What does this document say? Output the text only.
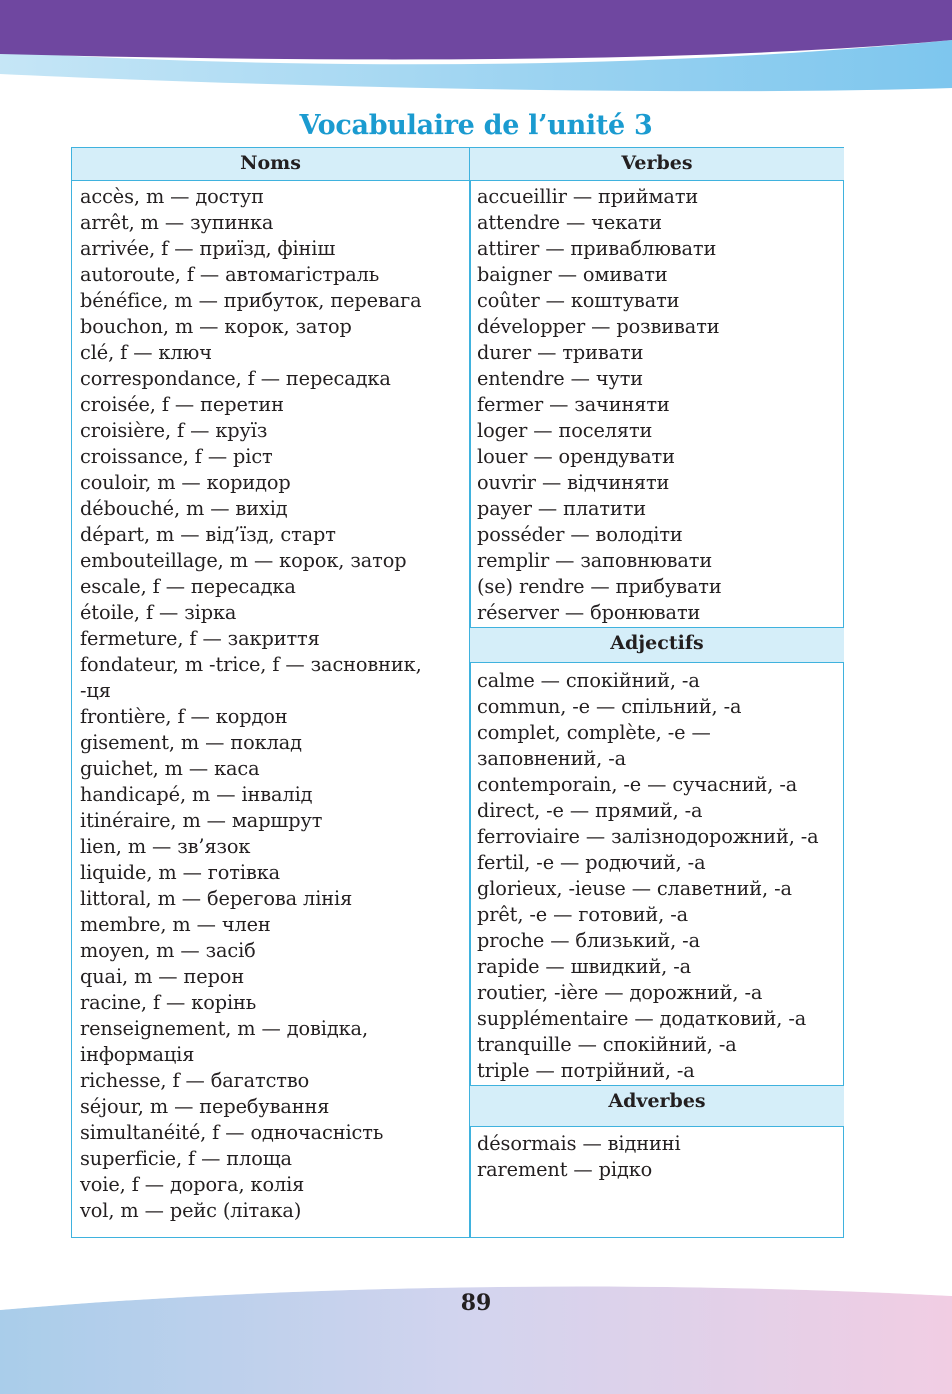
Vocabulaire de l’unité 3
Noms
accès, m — доступ
arrêt, m — зупинка
arrivée, f — приїзд, фініш
autoroute, f — автомагістраль
bénéfice, m — прибуток, перевага
bouchon, m — корок, затор
clé, f — ключ
correspondance, f — пересадка
croisée, f — перетин
croisière, f — круїз
croissance, f — ріст
couloir, m — коридор
débouché, m — вихід
départ, m — від’їзд, старт
embouteillage, m — корок, затор
escale, f — пересадка
étoile, f — зірка
fermeture, f — закриття
fondateur, m -trice, f — засновник,
-ця
frontière, f — кордон
gisement, m — поклад
guichet, m — каса
handicapé, m — інвалід
itinéraire, m — маршрут
lien, m — зв’язок
liquide, m — готівка
littoral, m — берегова лінія
membre, m — член
moyen, m — засіб
quai, m — перон
racine, f — корінь
renseignement, m — довідка,
інформація
richesse, f — багатство
séjour, m — перебування
simultanéité, f — одночасність
superficie, f — площа
voie, f — дорога, колія
vol, m — рейс (літака)
Verbes
accueillir — приймати
attendre — чекати
attirer — приваблювати
baigner — омивати
coûter — коштувати
développer — розвивати
durer — тривати
entendre — чути
fermer — зачиняти
loger — поселяти
louer — орендувати
ouvrir — відчиняти
payer — платити
posséder — володіти
remplir — заповнювати
(se) rendre — прибувати
réserver — бронювати
Adjectifs
calme — спокійний, -а
commun, -e — спільний, -а
complet, complète, -e —
заповнений, -а
contemporain, -e — сучасний, -а
direct, -e — прямий, -а
ferroviaire — залізнодорожний, -а
fertil, -e — родючий, -а
glorieux, -ieuse — славетний, -а
prêt, -e — готовий, -а
proche — близький, -а
rapide — швидкий, -а
routier, -ière — дорожний, -а
supplémentaire — додатковий, -а
tranquille — спокійний, -а
triple — потрійний, -а
Adverbes
désormais — віднині
rarement — рідко
89
